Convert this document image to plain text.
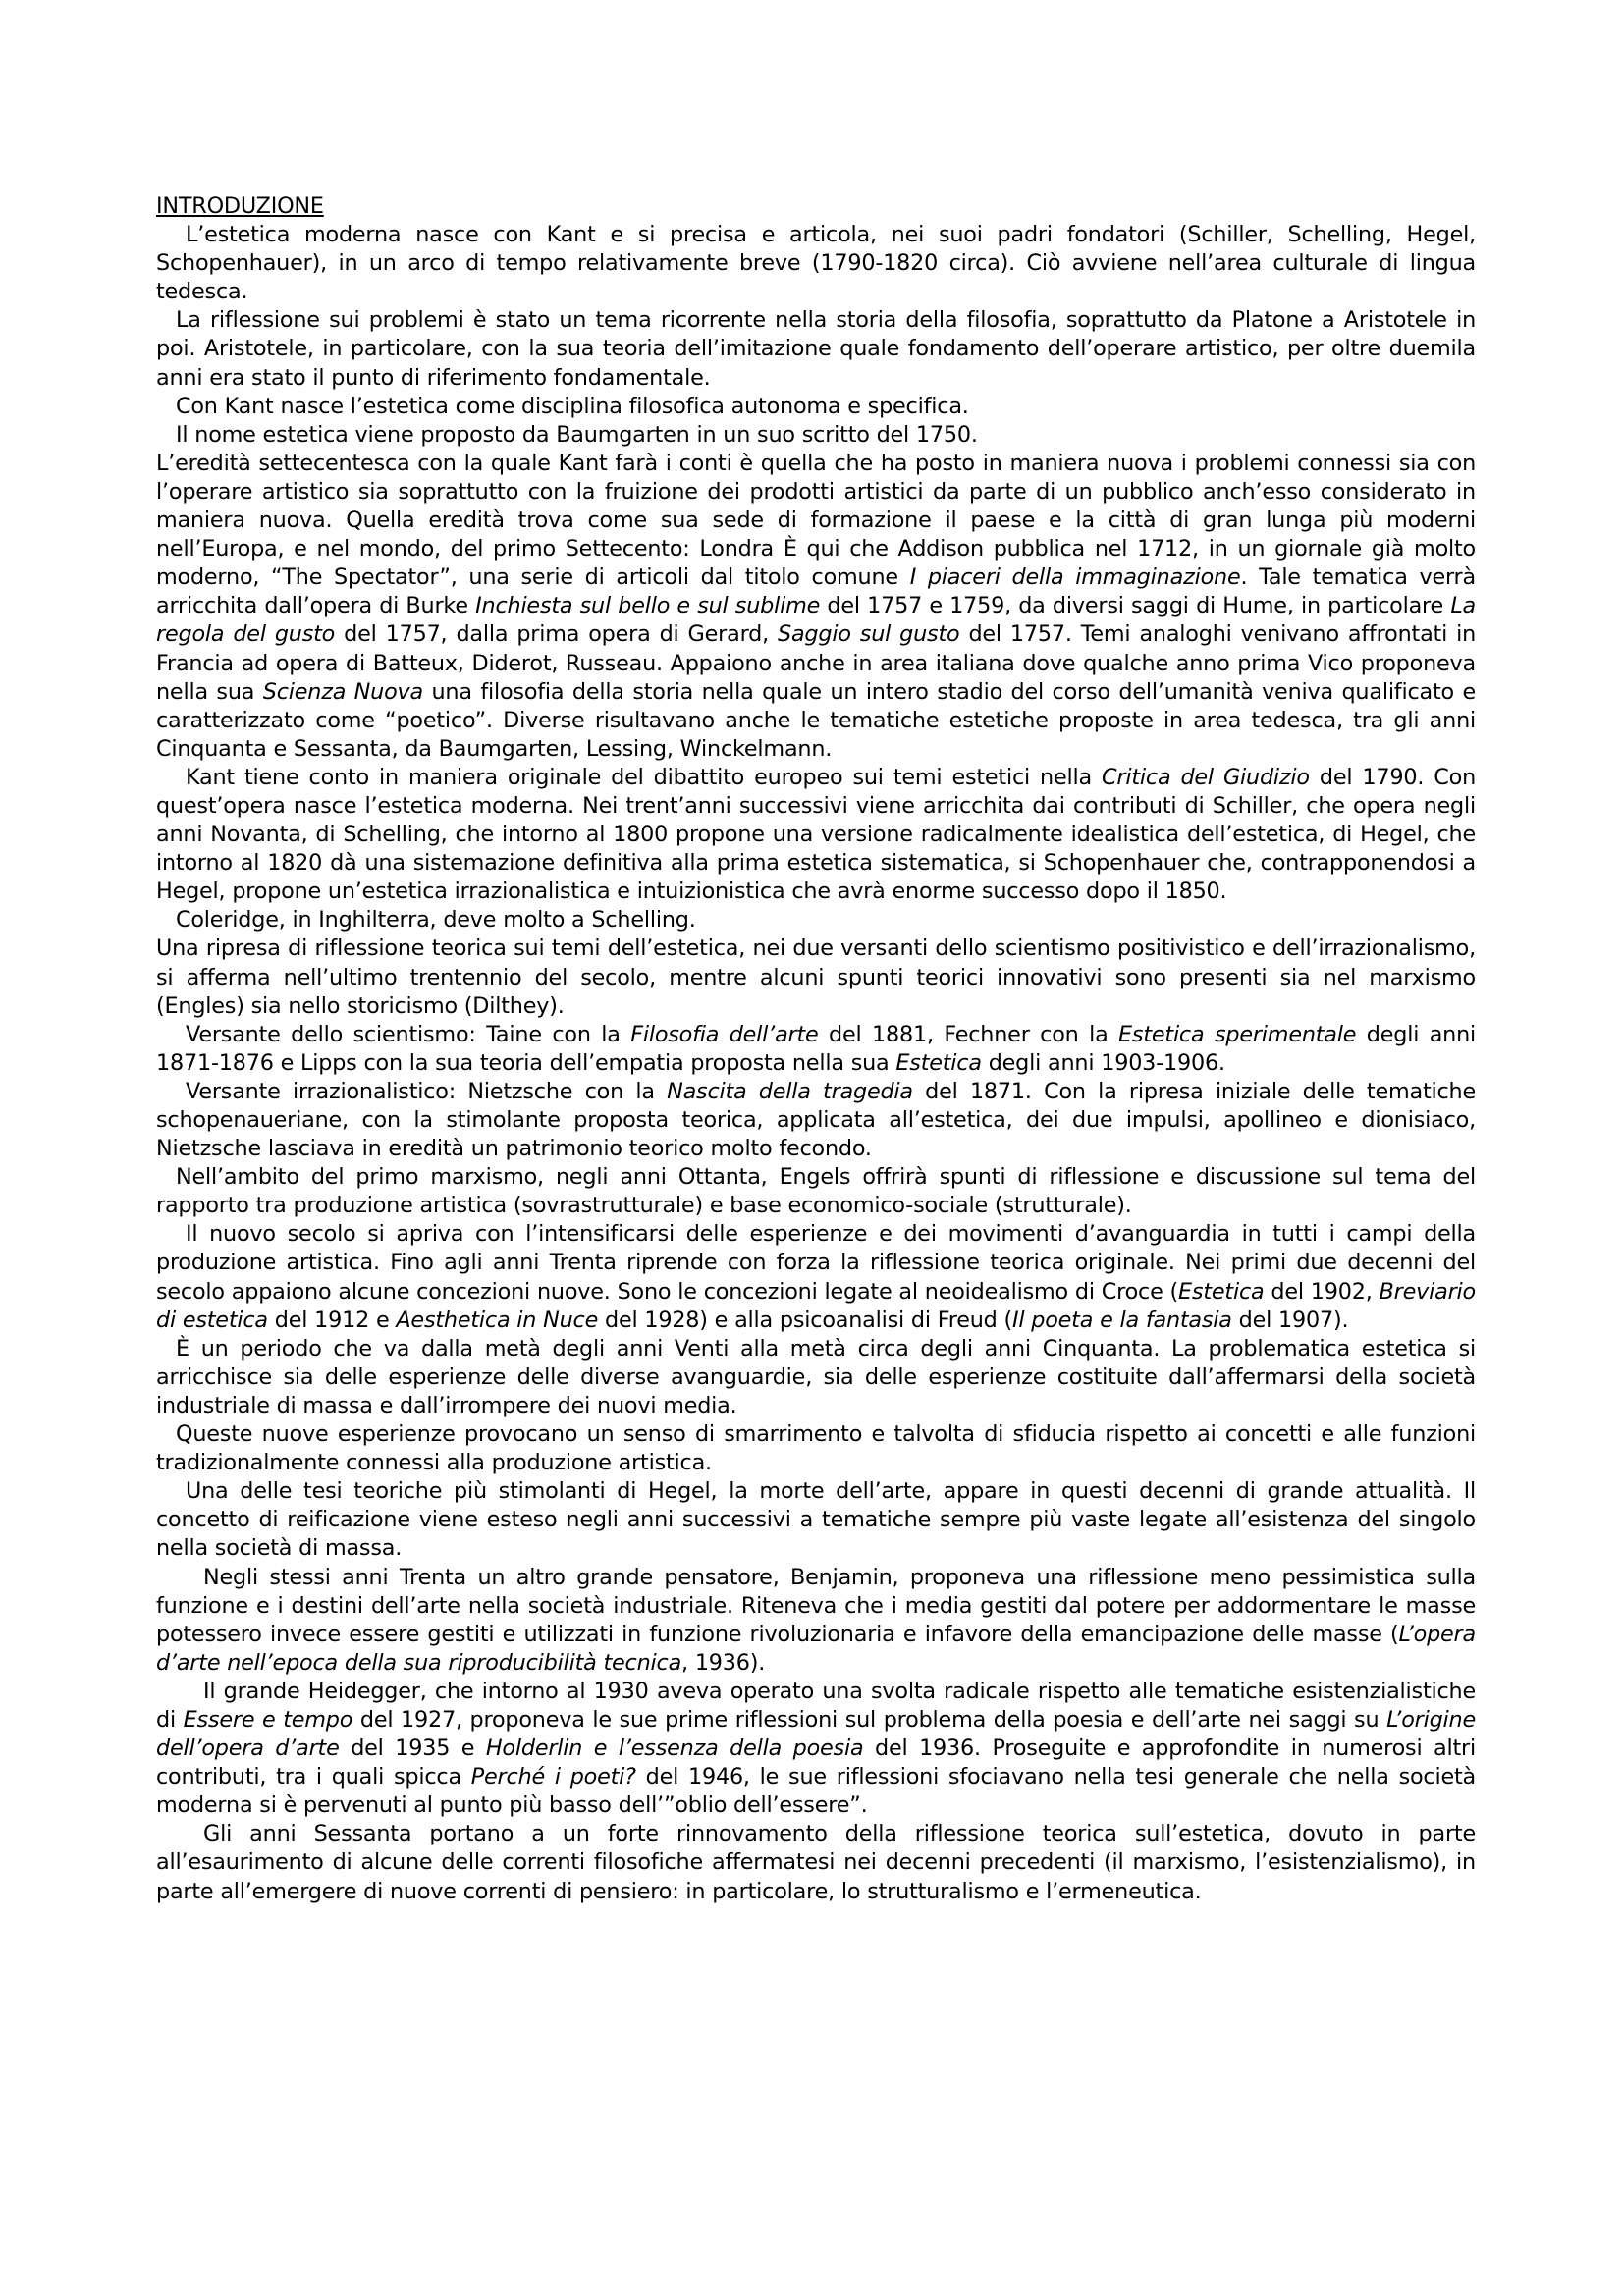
INTRODUZIONE

L’estetica moderna nasce con Kant e si precisa e articola, nei suoi padri fondatori (Schiller, Schelling, Hegel, Schopenhauer), in un arco di tempo relativamente breve (1790-1820 circa). Ciò avviene nell’area culturale di lingua tedesca.

La riflessione sui problemi è stato un tema ricorrente nella storia della filosofia, soprattutto da Platone a Aristotele in poi. Aristotele, in particolare, con la sua teoria dell’imitazione quale fondamento dell’operare artistico, per oltre duemila anni era stato il punto di riferimento fondamentale.

Con Kant nasce l’estetica come disciplina filosofica autonoma e specifica.

Il nome estetica viene proposto da Baumgarten in un suo scritto del 1750.

L’eredità settecentesca con la quale Kant farà i conti è quella che ha posto in maniera nuova i problemi connessi sia con l’operare artistico sia soprattutto con la fruizione dei prodotti artistici da parte di un pubblico anch’esso considerato in maniera nuova. Quella eredità trova come sua sede di formazione il paese e la città di gran lunga più moderni nell’Europa, e nel mondo, del primo Settecento: Londra È qui che Addison pubblica nel 1712, in un giornale già molto moderno, “The Spectator”, una serie di articoli dal titolo comune I piaceri della immaginazione. Tale tematica verrà arricchita dall’opera di Burke Inchiesta sul bello e sul sublime del 1757 e 1759, da diversi saggi di Hume, in particolare La regola del gusto del 1757, dalla prima opera di Gerard, Saggio sul gusto del 1757. Temi analoghi venivano affrontati in Francia ad opera di Batteux, Diderot, Russeau. Appaiono anche in area italiana dove qualche anno prima Vico proponeva nella sua Scienza Nuova una filosofia della storia nella quale un intero stadio del corso dell’umanità veniva qualificato e caratterizzato come “poetico”. Diverse risultavano anche le tematiche estetiche proposte in area tedesca, tra gli anni Cinquanta e Sessanta, da Baumgarten, Lessing, Winckelmann.

Kant tiene conto in maniera originale del dibattito europeo sui temi estetici nella Critica del Giudizio del 1790. Con quest’opera nasce l’estetica moderna. Nei trent’anni successivi viene arricchita dai contributi di Schiller, che opera negli anni Novanta, di Schelling, che intorno al 1800 propone una versione radicalmente idealistica dell’estetica, di Hegel, che intorno al 1820 dà una sistemazione definitiva alla prima estetica sistematica, si Schopenhauer che, contrapponendosi a Hegel, propone un’estetica irrazionalistica e intuizionistica che avrà enorme successo dopo il 1850.

Coleridge, in Inghilterra, deve molto a Schelling.

Una ripresa di riflessione teorica sui temi dell’estetica, nei due versanti dello scientismo positivistico e dell’irrazionalismo, si afferma nell’ultimo trentennio del secolo, mentre alcuni spunti teorici innovativi sono presenti sia nel marxismo (Engles) sia nello storicismo (Dilthey).

Versante dello scientismo: Taine con la Filosofia dell’arte del 1881, Fechner con la Estetica sperimentale degli anni 1871-1876 e Lipps con la sua teoria dell’empatia proposta nella sua Estetica degli anni 1903-1906.

Versante irrazionalistico: Nietzsche con la Nascita della tragedia del 1871. Con la ripresa iniziale delle tematiche schopenaueriane, con la stimolante proposta teorica, applicata all’estetica, dei due impulsi, apollineo e dionisiaco, Nietzsche lasciava in eredità un patrimonio teorico molto fecondo.

Nell’ambito del primo marxismo, negli anni Ottanta, Engels offrirà spunti di riflessione e discussione sul tema del rapporto tra produzione artistica (sovrastrutturale) e base economico-sociale (strutturale).

Il nuovo secolo si apriva con l’intensificarsi delle esperienze e dei movimenti d’avanguardia in tutti i campi della produzione artistica. Fino agli anni Trenta riprende con forza la riflessione teorica originale. Nei primi due decenni del secolo appaiono alcune concezioni nuove. Sono le concezioni legate al neoidealismo di Croce (Estetica del 1902, Breviario di estetica del 1912 e Aesthetica in Nuce del 1928) e alla psicoanalisi di Freud (Il poeta e la fantasia del 1907).

È un periodo che va dalla metà degli anni Venti alla metà circa degli anni Cinquanta. La problematica estetica si arricchisce sia delle esperienze delle diverse avanguardie, sia delle esperienze costituite dall’affermarsi della società industriale di massa e dall’irrompere dei nuovi media.

Queste nuove esperienze provocano un senso di smarrimento e talvolta di sfiducia rispetto ai concetti e alle funzioni tradizionalmente connessi alla produzione artistica.

Una delle tesi teoriche più stimolanti di Hegel, la morte dell’arte, appare in questi decenni di grande attualità. Il concetto di reificazione viene esteso negli anni successivi a tematiche sempre più vaste legate all’esistenza del singolo nella società di massa.

Negli stessi anni Trenta un altro grande pensatore, Benjamin, proponeva una riflessione meno pessimistica sulla funzione e i destini dell’arte nella società industriale. Riteneva che i media gestiti dal potere per addormentare le masse potessero invece essere gestiti e utilizzati in funzione rivoluzionaria e infavore della emancipazione delle masse (L’opera d’arte nell’epoca della sua riproducibilità tecnica, 1936).

Il grande Heidegger, che intorno al 1930 aveva operato una svolta radicale rispetto alle tematiche esistenzialistiche di Essere e tempo del 1927, proponeva le sue prime riflessioni sul problema della poesia e dell’arte nei saggi su L’origine dell’opera d’arte del 1935 e Holderlin e l’essenza della poesia del 1936. Proseguite e approfondite in numerosi altri contributi, tra i quali spicca Perché i poeti? del 1946, le sue riflessioni sfociavano nella tesi generale che nella società moderna si è pervenuti al punto più basso dell’”oblio dell’essere”.

Gli anni Sessanta portano a un forte rinnovamento della riflessione teorica sull’estetica, dovuto in parte all’esaurimento di alcune delle correnti filosofiche affermatesi nei decenni precedenti (il marxismo, l’esistenzialismo), in parte all’emergere di nuove correnti di pensiero: in particolare, lo strutturalismo e l’ermeneutica.
